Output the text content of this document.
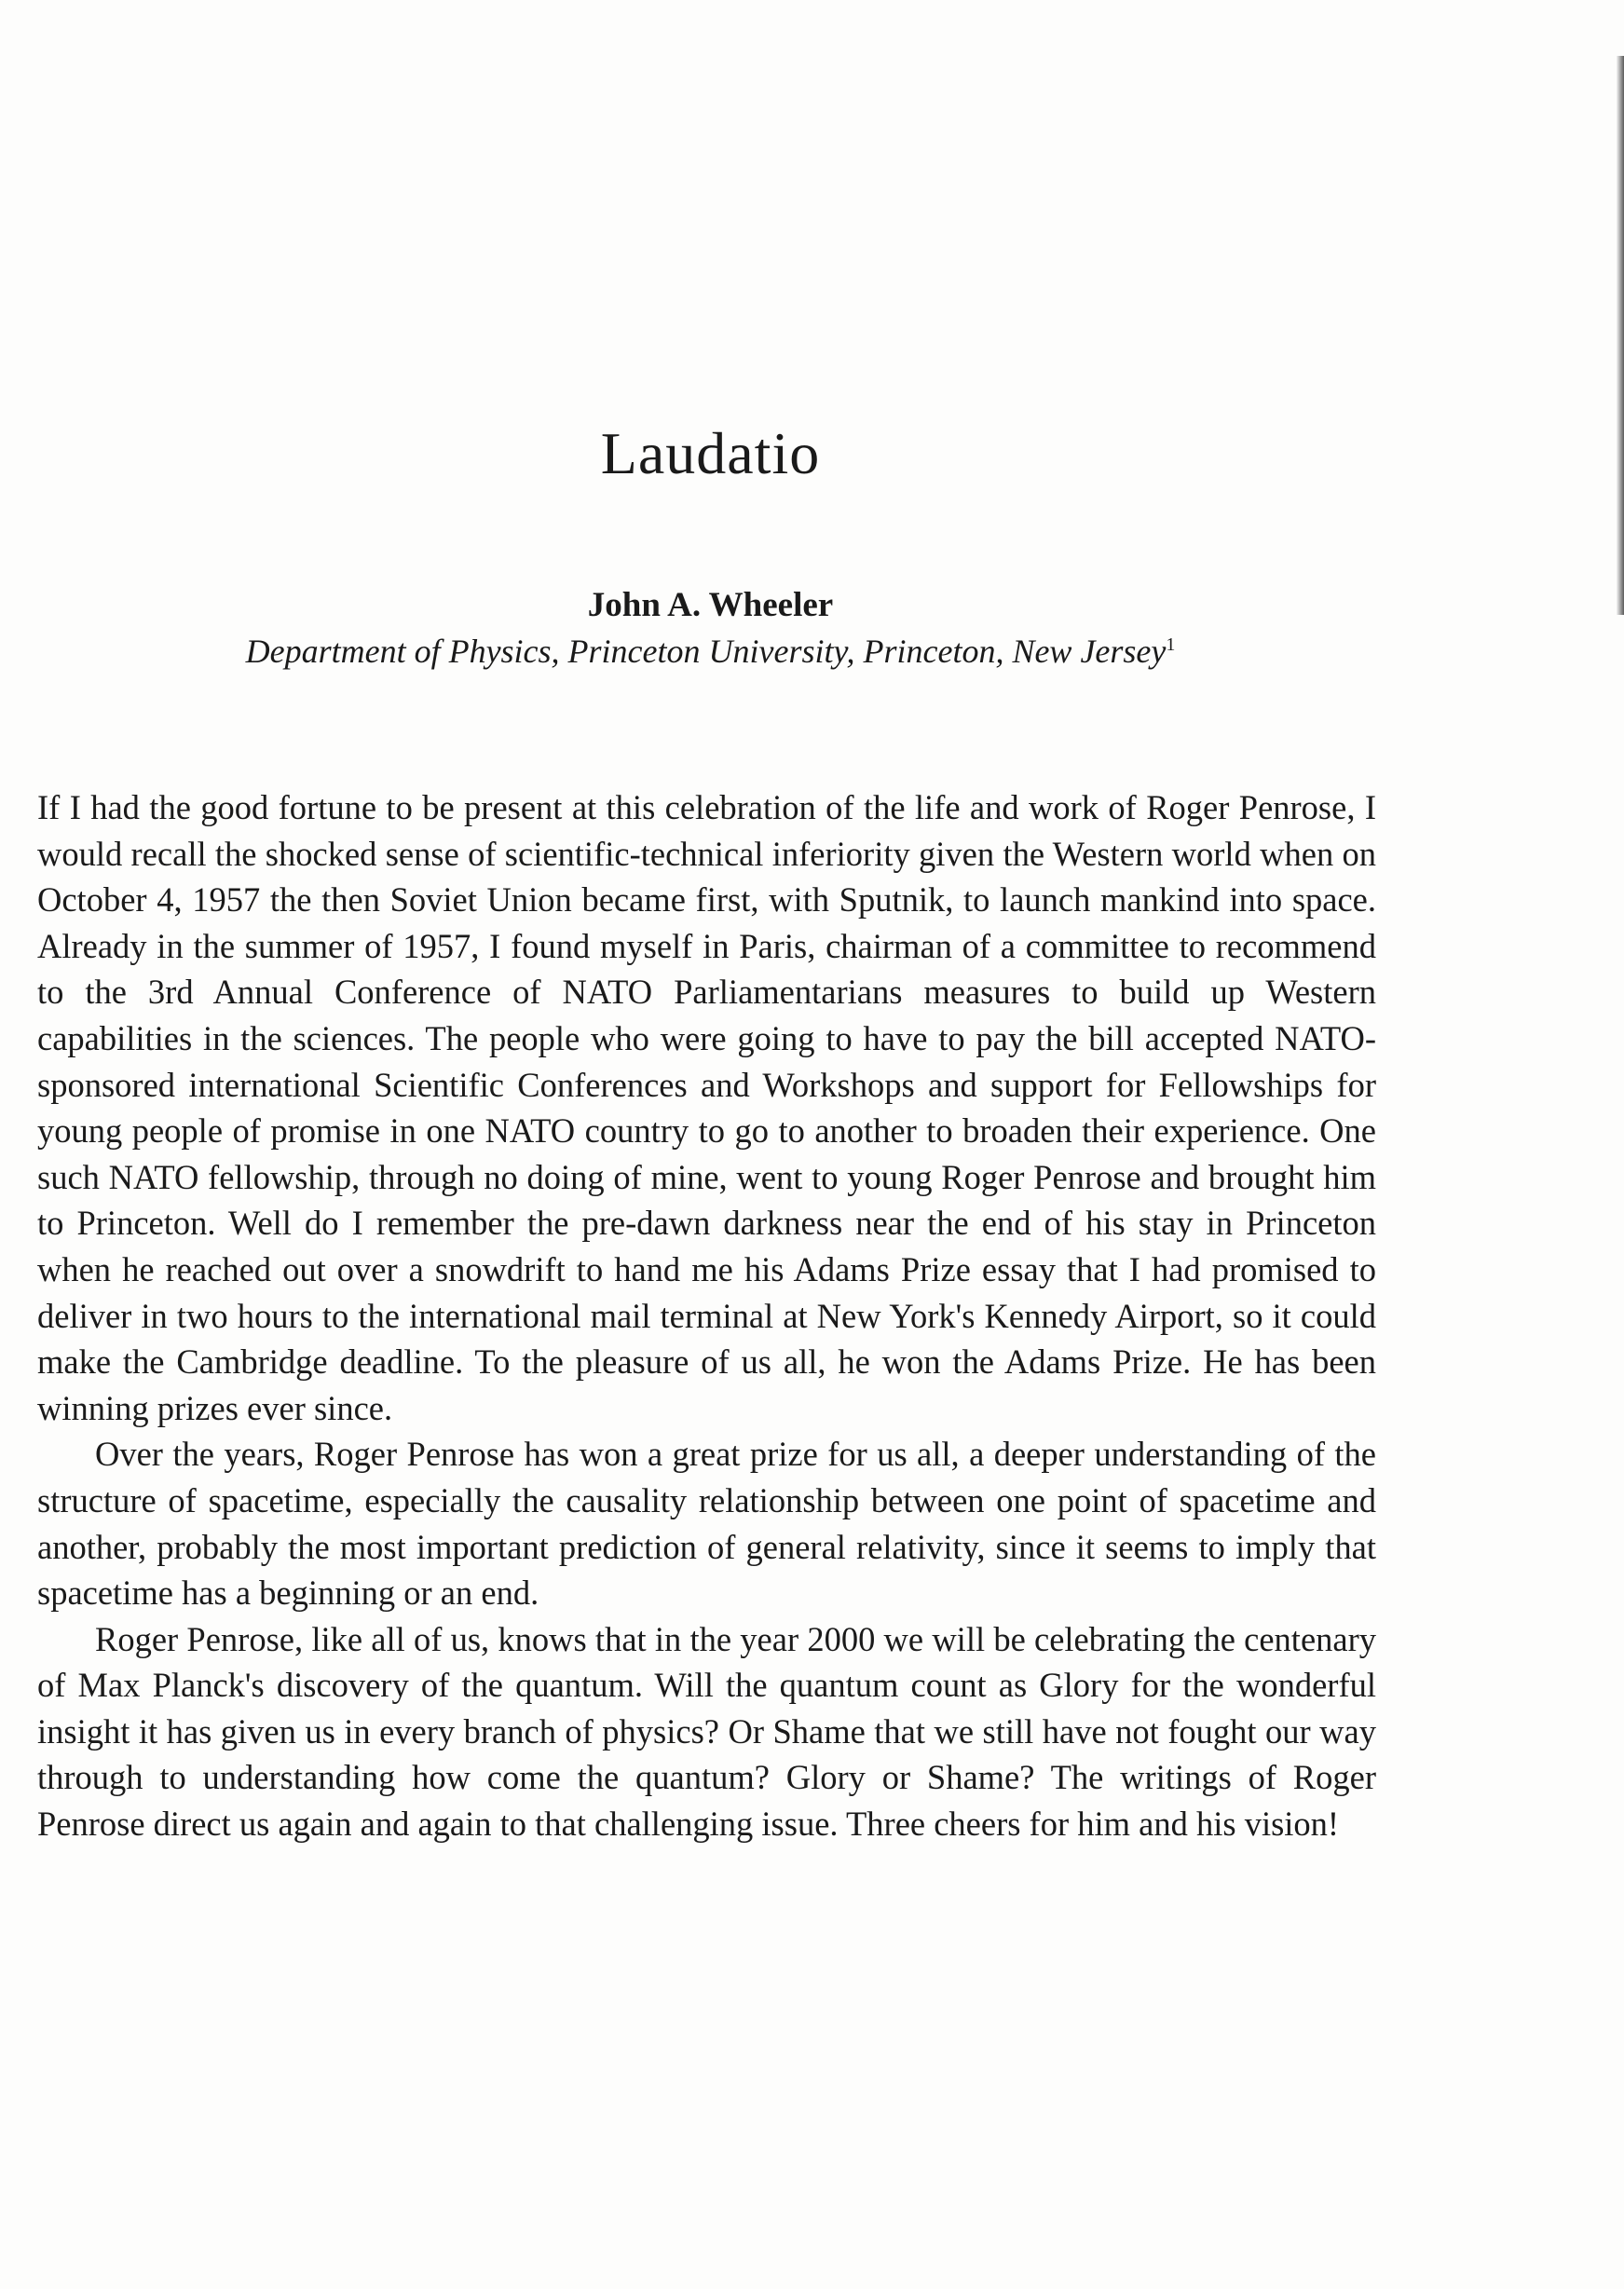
Laudatio
John A. Wheeler
Department of Physics, Princeton University, Princeton, New Jersey$^1$

If I had the good fortune to be present at this celebration of the life and work of Roger Penrose, I would recall the shocked sense of scientific-technical inferiority given the Western world when on October 4, 1957 the then Soviet Union became first, with Sputnik, to launch mankind into space. Already in the summer of 1957, I found myself in Paris, chairman of a committee to recommend to the 3rd Annual Conference of NATO Parliamentarians measures to build up Western capabilities in the sciences. The people who were going to have to pay the bill accepted NATO-sponsored international Scientific Conferences and Workshops and support for Fellowships for young people of promise in one NATO country to go to another to broaden their experience. One such NATO fellowship, through no doing of mine, went to young Roger Penrose and brought him to Princeton. Well do I remember the pre-dawn darkness near the end of his stay in Princeton when he reached out over a snowdrift to hand me his Adams Prize essay that I had promised to deliver in two hours to the international mail terminal at New York's Kennedy Airport, so it could make the Cambridge deadline. To the pleasure of us all, he won the Adams Prize. He has been winning prizes ever since.

Over the years, Roger Penrose has won a great prize for us all, a deeper understanding of the structure of spacetime, especially the causality relationship between one point of spacetime and another, probably the most important prediction of general relativity, since it seems to imply that spacetime has a beginning or an end.

Roger Penrose, like all of us, knows that in the year 2000 we will be celebrating the centenary of Max Planck's discovery of the quantum. Will the quantum count as Glory for the wonderful insight it has given us in every branch of physics? Or Shame that we still have not fought our way through to understanding how come the quantum? Glory or Shame? The writings of Roger Penrose direct us again and again to that challenging issue. Three cheers for him and his vision!
